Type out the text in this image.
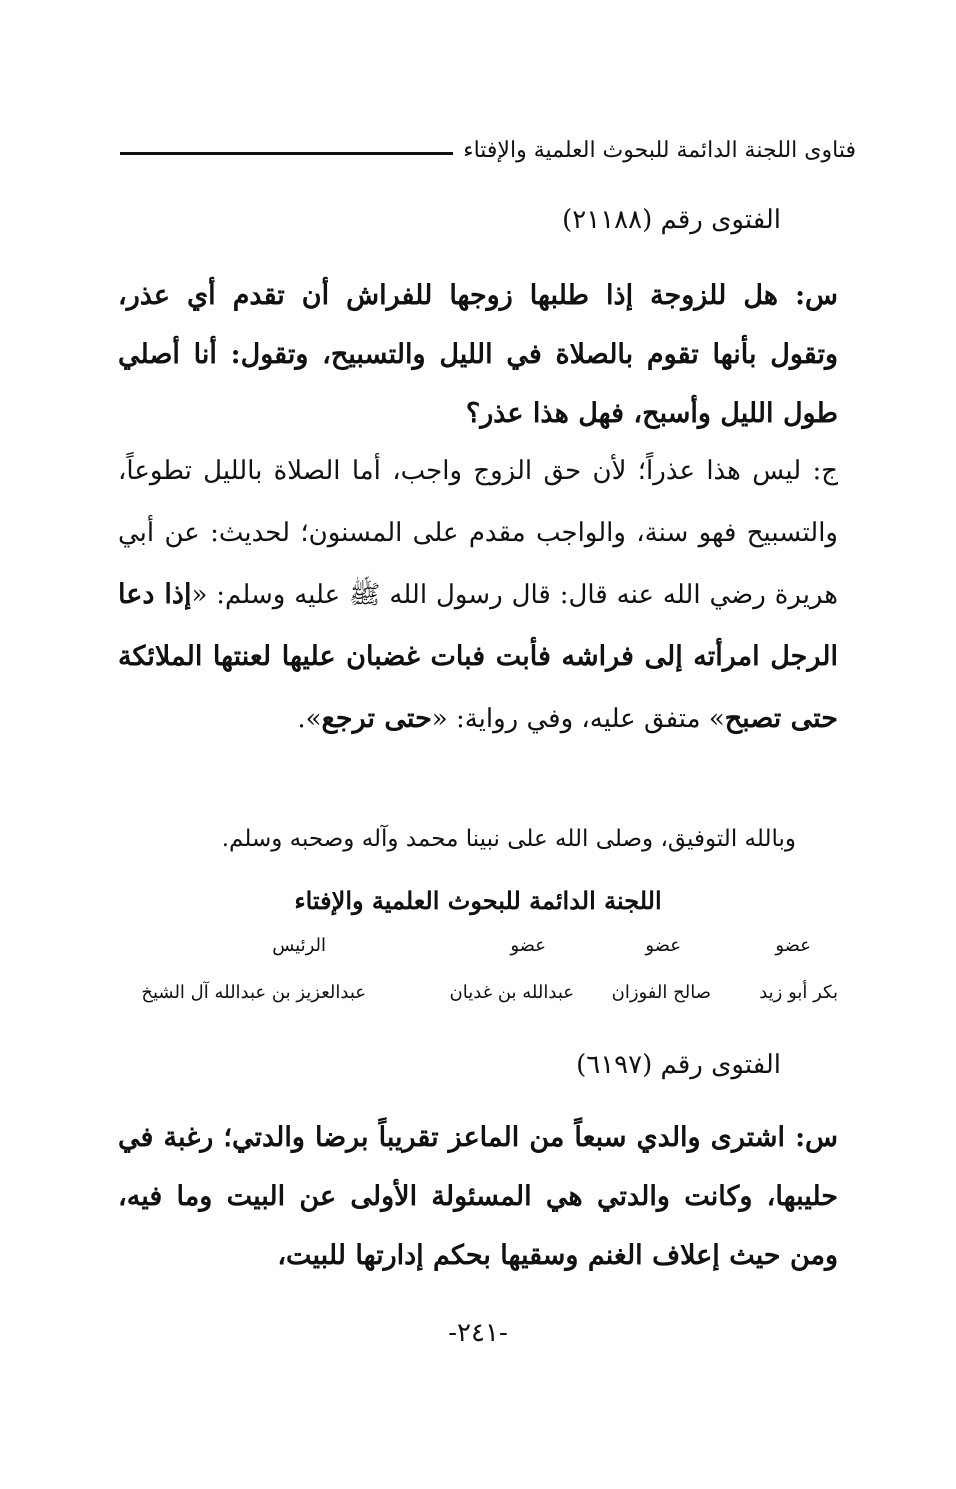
فتاوى اللجنة الدائمة للبحوث العلمية والإفتاء
الفتوى رقم (٢١١٨٨)
س: هل للزوجة إذا طلبها زوجها للفراش أن تقدم أي عذر، وتقول بأنها تقوم بالصلاة في الليل والتسبيح، وتقول: أنا أصلي طول الليل وأسبح، فهل هذا عذر؟
ج: ليس هذا عذراً؛ لأن حق الزوج واجب، أما الصلاة بالليل تطوعاً، والتسبيح فهو سنة، والواجب مقدم على المسنون؛ لحديث: عن أبي هريرة رضي الله عنه قال: قال رسول الله ﷺ عليه وسلم: «إذا دعا الرجل امرأته إلى فراشه فأبت فبات غضبان عليها لعنتها الملائكة حتى تصبح» متفق عليه، وفي رواية: «حتى ترجع».
وبالله التوفيق، وصلى الله على نبينا محمد وآله وصحبه وسلم.
اللجنة الدائمة للبحوث العلمية والإفتاء
عضو
عضو
عضو
الرئيس
بكر أبو زيد
صالح الفوزان
عبدالله بن غديان
عبدالعزيز بن عبدالله آل الشيخ
الفتوى رقم (٦١٩٧)
س: اشترى والدي سبعاً من الماعز تقريباً برضا والدتي؛ رغبة في حليبها، وكانت والدتي هي المسئولة الأولى عن البيت وما فيه، ومن حيث إعلاف الغنم وسقيها بحكم إدارتها للبيت،
-٢٤١-
